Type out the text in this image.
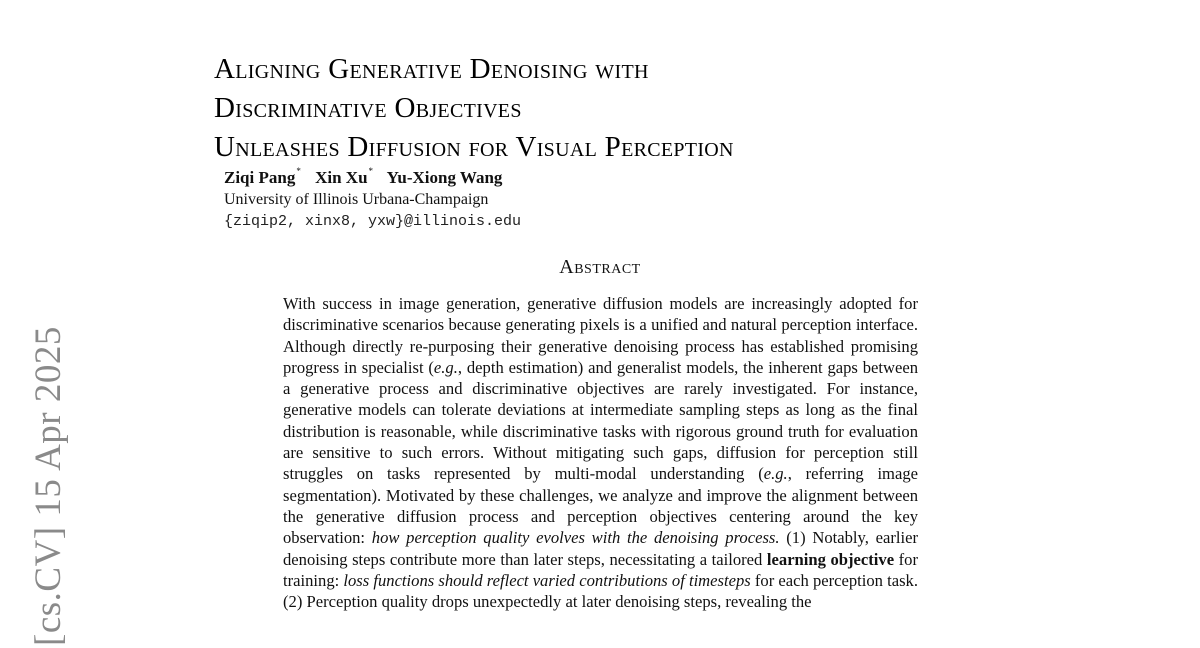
[cs.CV] 15 Apr 2025
Aligning Generative Denoising with
Discriminative Objectives
Unleashes Diffusion for Visual Perception
Ziqi Pang* Xin Xu* Yu-Xiong Wang
University of Illinois Urbana-Champaign
{ziqip2, xinx8, yxw}@illinois.edu
Abstract
With success in image generation, generative diffusion models are increasingly adopted for discriminative scenarios because generating pixels is a unified and natural perception interface. Although directly re-purposing their generative denoising process has established promising progress in specialist (e.g., depth estimation) and generalist models, the inherent gaps between a generative process and discriminative objectives are rarely investigated. For instance, generative models can tolerate deviations at intermediate sampling steps as long as the final distribution is reasonable, while discriminative tasks with rigorous ground truth for evaluation are sensitive to such errors. Without mitigating such gaps, diffusion for perception still struggles on tasks represented by multi-modal understanding (e.g., referring image segmentation). Motivated by these challenges, we analyze and improve the alignment between the generative diffusion process and perception objectives centering around the key observation: how perception quality evolves with the denoising process. (1) Notably, earlier denoising steps contribute more than later steps, necessitating a tailored learning objective for training: loss functions should reflect varied contributions of timesteps for each perception task. (2) Perception quality drops unexpectedly at later denoising steps, revealing the
